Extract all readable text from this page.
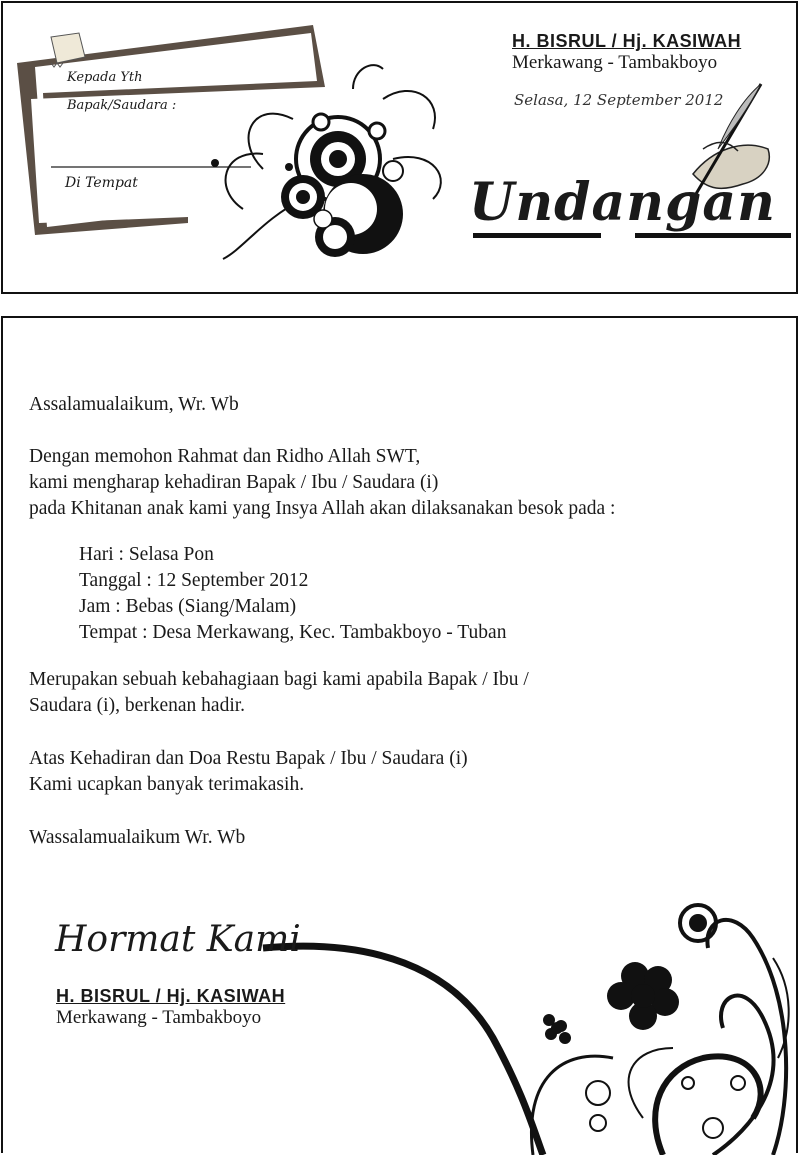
Kepada Yth
Bapak/Saudara :
Di Tempat
H. BISRUL / Hj. KASIWAH
Merkawang - Tambakboyo
Selasa, 12 September 2012
Undangan
Assalamualaikum, Wr. Wb
Dengan memohon Rahmat dan Ridho Allah SWT,
kami mengharap kehadiran Bapak / Ibu / Saudara (i)
pada Khitanan anak kami yang Insya Allah akan dilaksanakan besok pada :
Hari : Selasa Pon
Tanggal : 12 September 2012
Jam : Bebas (Siang/Malam)
Tempat : Desa Merkawang, Kec. Tambakboyo - Tuban
Merupakan sebuah kebahagiaan bagi kami apabila Bapak / Ibu /
Saudara (i), berkenan hadir.
Atas Kehadiran dan Doa Restu Bapak / Ibu / Saudara (i)
Kami ucapkan banyak terimakasih.
Wassalamualaikum Wr. Wb
Hormat Kami
H. BISRUL / Hj. KASIWAH
Merkawang - Tambakboyo
